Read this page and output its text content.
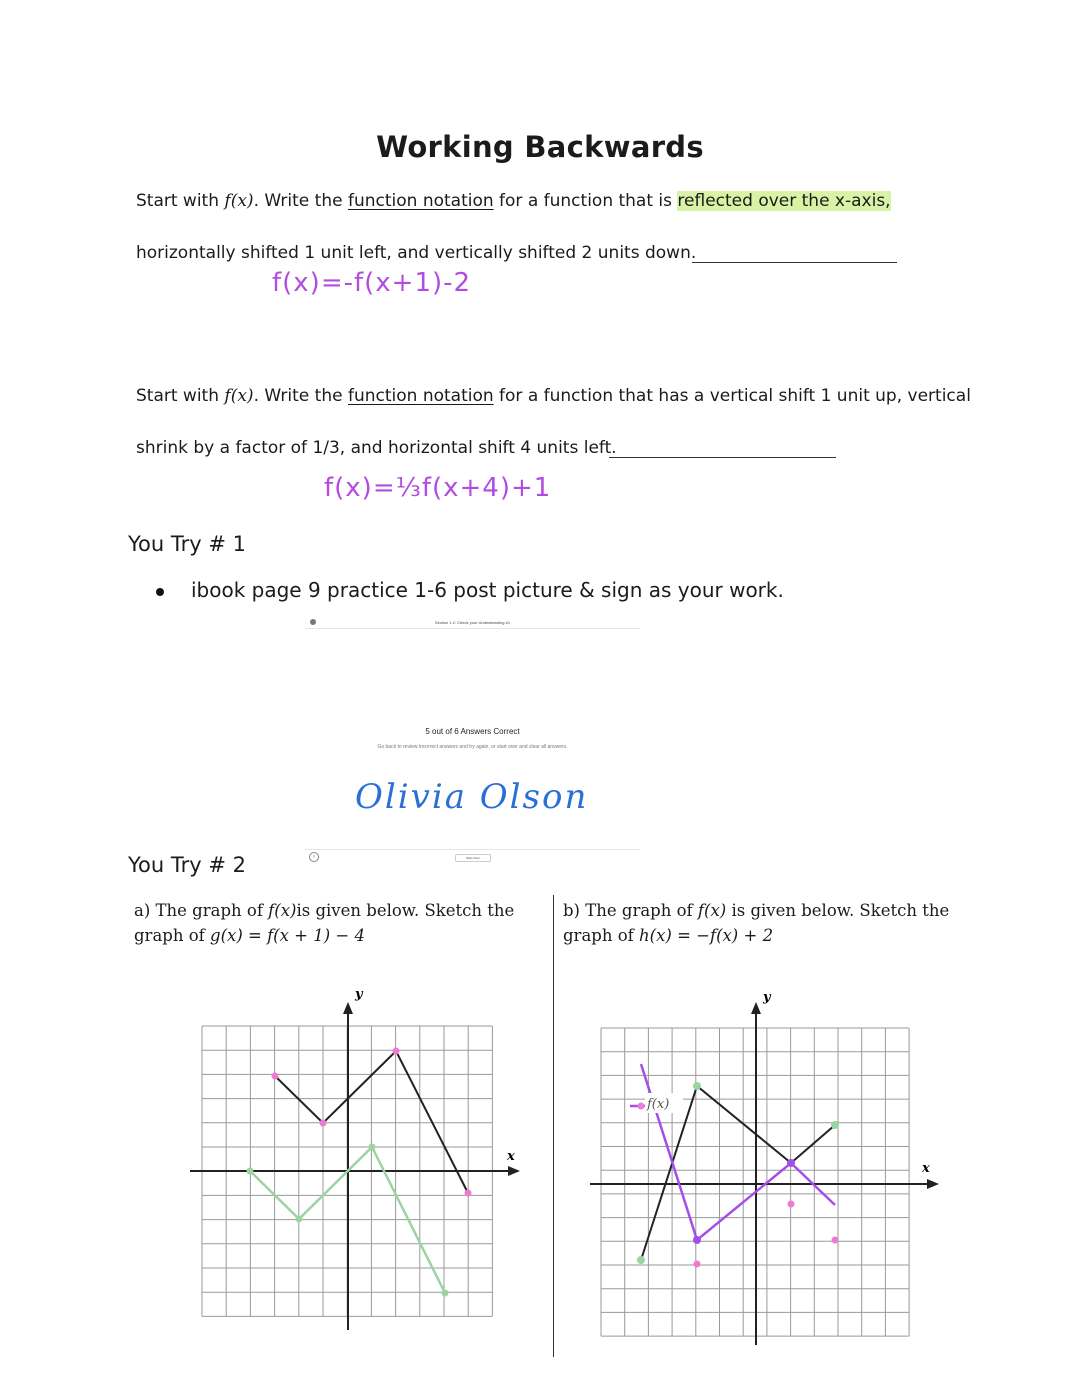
Working Backwards
Start with f(x). Write the function notation for a function that is reflected over the x-axis,
horizontally shifted 1 unit left, and vertically shifted 2 units down.
f(x)=-f(x+1)-2
Start with f(x). Write the function notation for a function that has a vertical shift 1 unit up, vertical
shrink by a factor of 1/3, and horizontal shift 4 units left.
f(x)=⅓f(x+4)+1
You Try # 1
ibook page 9 practice 1-6 post picture & sign as your work.
Section 1.2: Check your Understanding #1
5 out of 6 Answers Correct
Go back to review incorrect answers and try again, or start over and clear all answers.
Olivia Olson
‹	Start Over
You Try # 2
a) The graph of f(x)is given below. Sketch the
graph of g(x) = f(x + 1) − 4
b) The graph of f(x) is given below. Sketch the
graph of h(x) = −f(x) + 2
y
x
y
x
f(x)
